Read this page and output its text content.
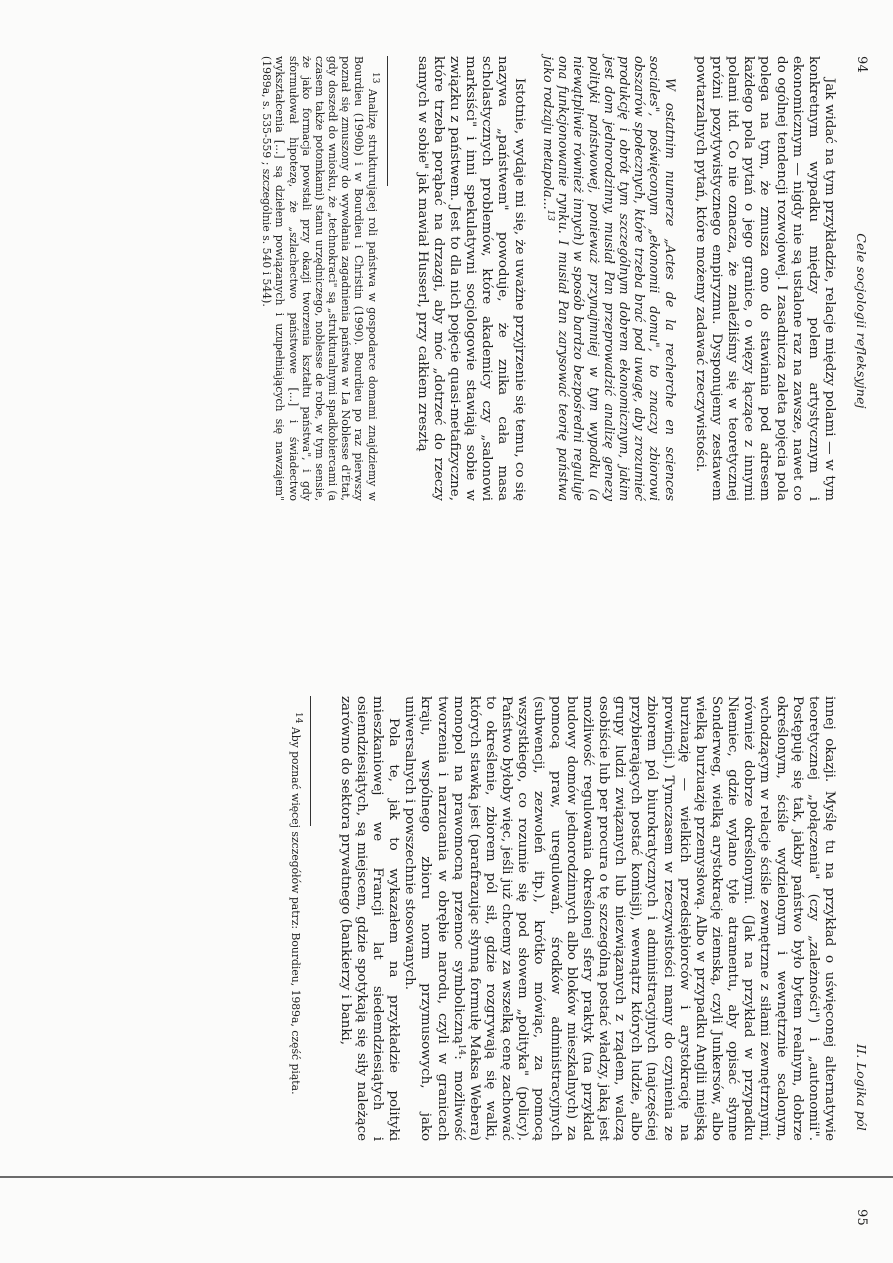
94
Cele socjologii refleksyjnej

Jak widać na tym przykładzie, relacje między polami — w tym konkretnym wypadku między polem artystycznym i ekonomicznym — nigdy nie są ustalone raz na zawsze, nawet co do ogólnej tendencji rozwojowej. I zasadnicza zaleta pojęcia pola polega na tym, że zmusza ono do stawiania pod adresem każdego pola pytań o jego granice, o więzy łączące z innymi polami itd. Co nie oznacza, że znaleźliśmy się w teoretycznej próżni pozytywistycznego empiryzmu. Dysponujemy zestawem powtarzalnych pytań, które możemy zadawać rzeczywistości.

W ostatnim numerze „Actes de la recherche en sciences sociales", poświęconym „ekonomii domu", to znaczy zbiorowi obszarów społecznych, które trzeba brać pod uwagę, aby zrozumieć produkcję i obrót tym szczególnym dobrem ekonomicznym, jakim jest dom jednorodzinny, musiał Pan przeprowadzić analizę genezy polityki państwowej, ponieważ przynajmniej w tym wypadku (a niewątpliwie również innych) w sposób bardzo bezpośredni reguluje ona funkcjonowanie rynku. I musiał Pan zarysować teorię państwa jako rodzaju metapola...$^{13}$

Istotnie, wydaje mi się, że uważne przyjrzenie się temu, co się nazywa „państwem" powoduje, że znika cała masa scholastycznych problemów, które akademicy czy „salonowi marksiści" i inni spekulatywni socjologowie stawiają sobie w związku z państwem. Jest to dla nich pojęcie quasi-metafizyczne, które trzeba porąbać na drzazgi, aby móc „dotrzeć do rzeczy samych w sobie" jak mawiał Husserl, przy całkiem zresztą

$^{13}$ Analizę strukturującej roli państwa w gospodarce domami znajdziemy w Bourdieu (1990b) i w Bourdieu i Christin (1990). Bourdieu po raz pierwszy poznał się zmuszony do wywołania zagadnienia państwa w La Noblesse d'État, gdy doszedł do wniosku, że „technokraci" są „strukturalnymi spadkobiercami (a czasem także potomkami) stanu urzędniczego, noblesse de robe, w tym sensie, że jako formacja powstali przy okazji tworzenia kształtu państwa", i gdy sformułował hipotezę, że „szlachectwo państwowe [...] i świadectwo wykształcenia [...] są dziełem powiązanych i uzupełniających się nawzajem" (1989a, s. 535-559 ; szczególnie s. 540 i 544).

II. Logika pól
95

innej okazji. Myślę tu na przykład o uświęconej alternatywie teoretycznej „połączenia" (czy „zależności") i „autonomii". Postępuję się tak, jakby państwo było bytem realnym, dobrze określonym, ściśle wydzielonym i wewnętrznie scalonym, wchodzącym w relacje ściśle zewnętrzne z siłami zewnętrznymi, również dobrze określonymi. (Jak na przykład w przypadku Niemiec, gdzie wylano tyle atramentu, aby opisać słynne Sonderweg, wielką arystokrację ziemską, czyli Junkersów, albo wielką burżuazję przemysłową. Albo w przypadku Anglii miejską burżuazję — wielkich przedsiębiorców i arystokrację na prowincji.) Tymczasem w rzeczywistości mamy do czynienia ze zbiorem pól biurokratycznych i administracyjnych (najczęściej przybierających postać komisji), wewnątrz których ludzie, albo grupy ludzi związanych lub niezwiązanych z rządem, walczą osobiście lub per procura o tę szczególną postać władzy, jaką jest możliwość regulowania określonej sfery praktyk (na przykład budowy domów jednorodzinnych albo bloków mieszkalnych) za pomocą praw, uregulowań, środków administracyjnych (subwencji, zezwoleń itp.), krótko mówiąc, za pomocą wszystkiego, co rozumie się pod słowem „polityka" (policy). Państwo byłoby więc, jeśli już chcemy za wszelką cenę zachować to określenie, zbiorem pól sił, gdzie rozgrywają się walki, których stawką jest (parafrazując słynną formułę Maksa Webera) monopol na prawomocną przemoc symboliczną$^{14}$: możliwość tworzenia i narzucania w obrębie narodu, czyli w granicach kraju, wspólnego zbioru norm przymusowych, jako uniwersalnych i powszechnie stosowanych.

Pola te, jak to wykazałem na przykładzie polityki mieszkaniowej we Francji lat siedemdziesiątych i osiemdziesiątych, są miejscem, gdzie spotykają się siły należące zarówno do sektora prywatnego (bankierzy i banki,

$^{14}$ Aby poznać więcej szczegółów patrz: Bourdieu, 1989a, część piąta.
